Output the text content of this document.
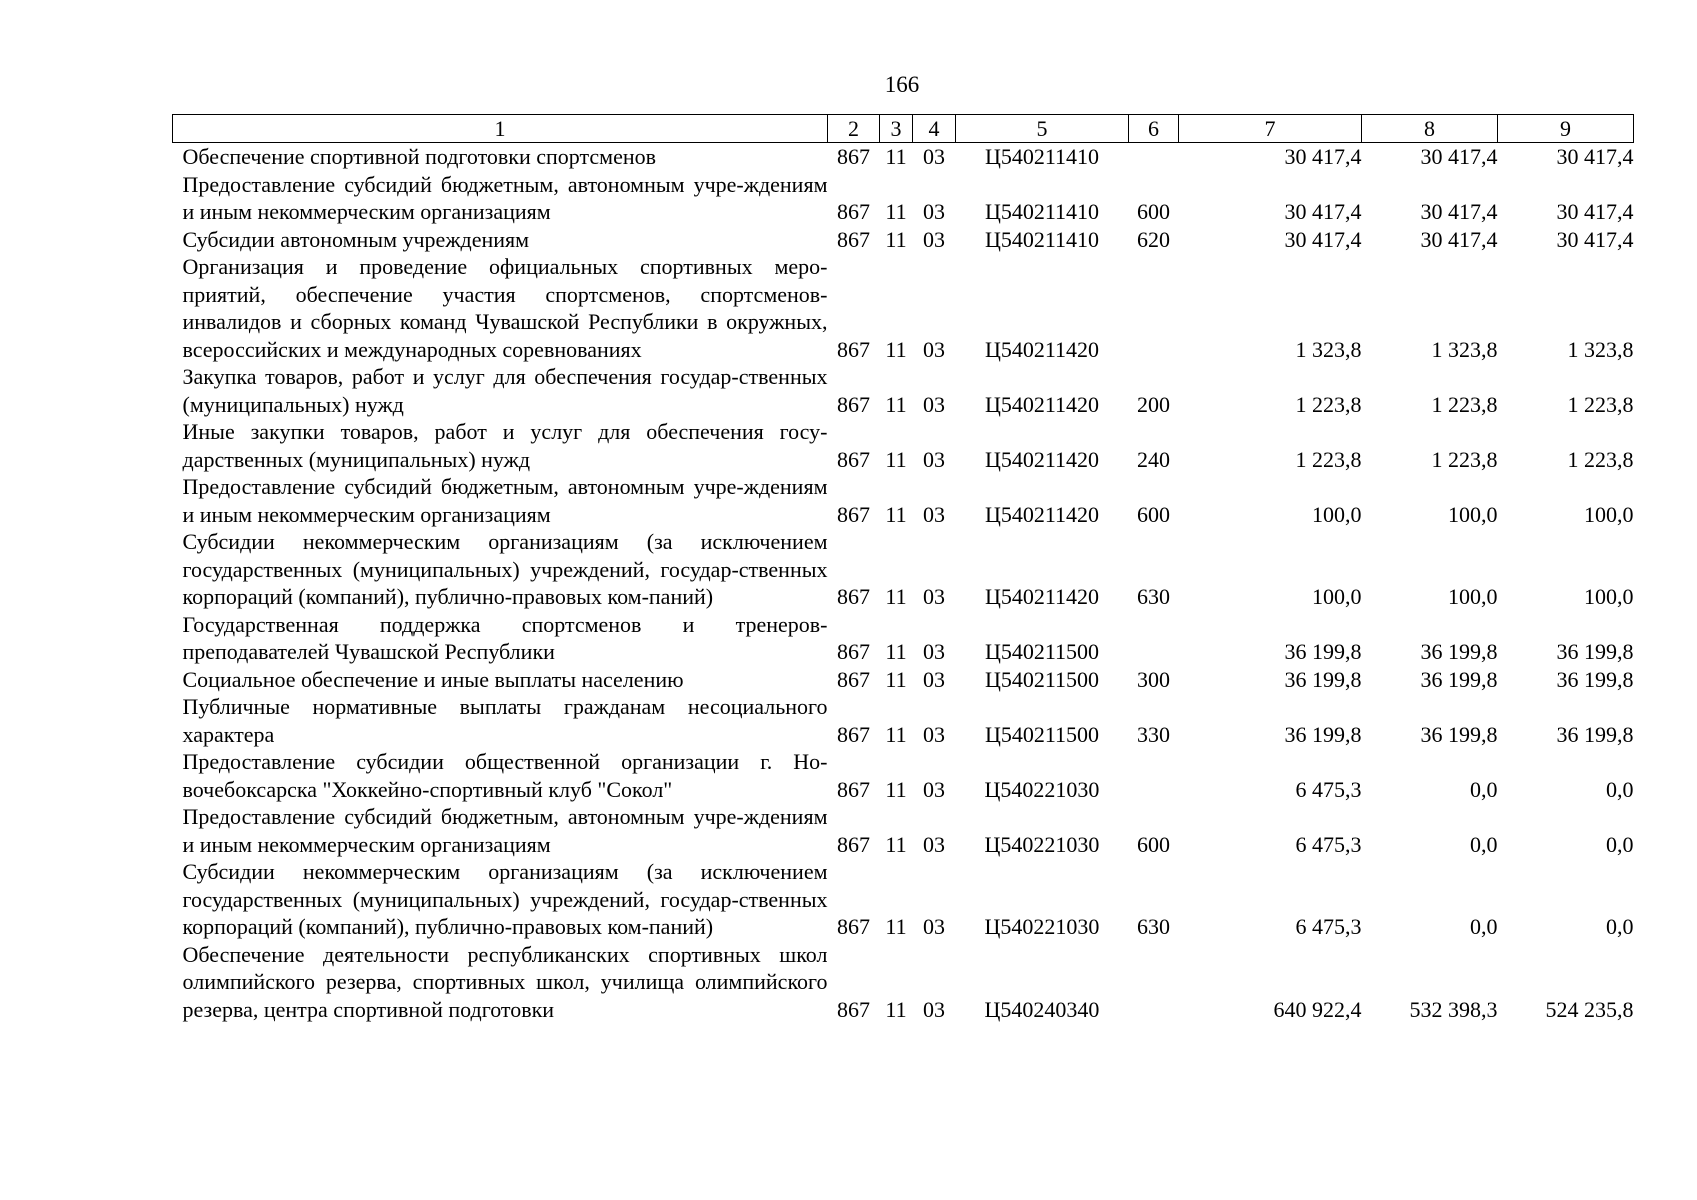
166
1	2	3	4	5	6	7	8	9
Обеспечение спортивной подготовки спортсменов	867	11	03	Ц540211410		30 417,4	30 417,4	30 417,4
Предоставление субсидий бюджетным, автономным учре-ждениям и иным некоммерческим организациям	867	11	03	Ц540211410	600	30 417,4	30 417,4	30 417,4
Субсидии автономным учреждениям	867	11	03	Ц540211410	620	30 417,4	30 417,4	30 417,4
Организация и проведение официальных спортивных меро-приятий, обеспечение участия спортсменов, спортсменов-инвалидов и сборных команд Чувашской Республики в окружных, всероссийских и международных соревнованиях	867	11	03	Ц540211420		1 323,8	1 323,8	1 323,8
Закупка товаров, работ и услуг для обеспечения государ-ственных (муниципальных) нужд	867	11	03	Ц540211420	200	1 223,8	1 223,8	1 223,8
Иные закупки товаров, работ и услуг для обеспечения госу-дарственных (муниципальных) нужд	867	11	03	Ц540211420	240	1 223,8	1 223,8	1 223,8
Предоставление субсидий бюджетным, автономным учре-ждениям и иным некоммерческим организациям	867	11	03	Ц540211420	600	100,0	100,0	100,0
Субсидии некоммерческим организациям (за исключением государственных (муниципальных) учреждений, государ-ственных корпораций (компаний), публично-правовых ком-паний)	867	11	03	Ц540211420	630	100,0	100,0	100,0
Государственная поддержка спортсменов и тренеров-преподавателей Чувашской Республики	867	11	03	Ц540211500		36 199,8	36 199,8	36 199,8
Социальное обеспечение и иные выплаты населению	867	11	03	Ц540211500	300	36 199,8	36 199,8	36 199,8
Публичные нормативные выплаты гражданам несоциального характера	867	11	03	Ц540211500	330	36 199,8	36 199,8	36 199,8
Предоставление субсидии общественной организации г. Но-вочебоксарска "Хоккейно-спортивный клуб "Сокол"	867	11	03	Ц540221030		6 475,3	0,0	0,0
Предоставление субсидий бюджетным, автономным учре-ждениям и иным некоммерческим организациям	867	11	03	Ц540221030	600	6 475,3	0,0	0,0
Субсидии некоммерческим организациям (за исключением государственных (муниципальных) учреждений, государ-ственных корпораций (компаний), публично-правовых ком-паний)	867	11	03	Ц540221030	630	6 475,3	0,0	0,0
Обеспечение деятельности республиканских спортивных школ олимпийского резерва, спортивных школ, училища олимпийского резерва, центра спортивной подготовки	867	11	03	Ц540240340		640 922,4	532 398,3	524 235,8
